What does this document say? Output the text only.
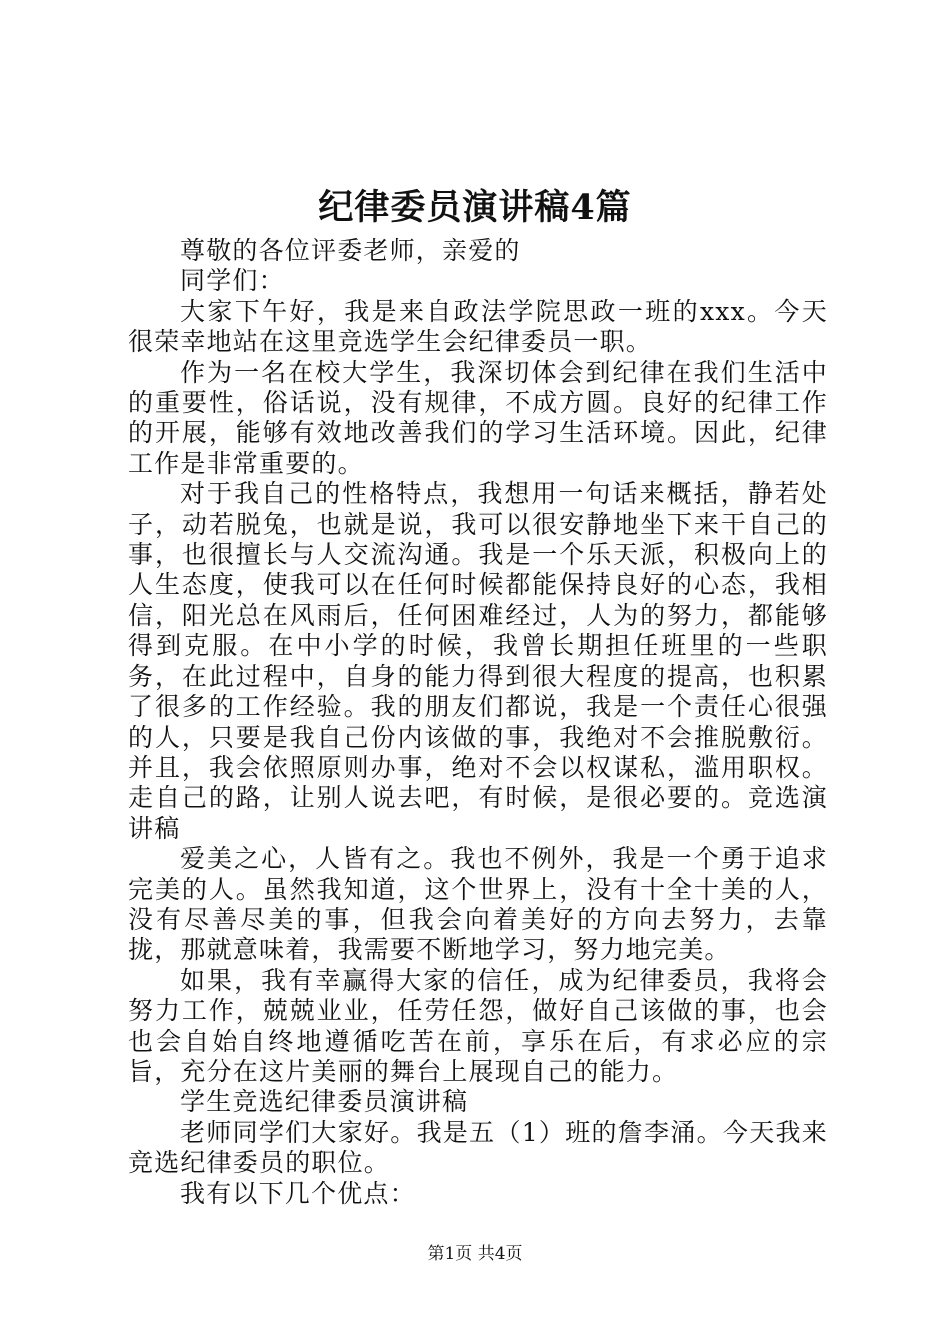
纪律委员演讲稿4篇

尊敬的各位评委老师，亲爱的

同学们：

大家下午好，我是来自政法学院思政一班的xxx。今天很荣幸地站在这里竞选学生会纪律委员一职。

作为一名在校大学生，我深切体会到纪律在我们生活中的重要性，俗话说，没有规律，不成方圆。良好的纪律工作的开展，能够有效地改善我们的学习生活环境。因此，纪律工作是非常重要的。

对于我自己的性格特点，我想用一句话来概括，静若处子，动若脱兔，也就是说，我可以很安静地坐下来干自己的事，也很擅长与人交流沟通。我是一个乐天派，积极向上的人生态度，使我可以在任何时候都能保持良好的心态，我相信，阳光总在风雨后，任何困难经过，人为的努力，都能够得到克服。在中小学的时候，我曾长期担任班里的一些职务，在此过程中，自身的能力得到很大程度的提高，也积累了很多的工作经验。我的朋友们都说，我是一个责任心很强的人，只要是我自己份内该做的事，我绝对不会推脱敷衍。并且，我会依照原则办事，绝对不会以权谋私，滥用职权。走自己的路，让别人说去吧，有时候，是很必要的。竞选演讲稿

爱美之心，人皆有之。我也不例外，我是一个勇于追求完美的人。虽然我知道，这个世界上，没有十全十美的人，没有尽善尽美的事，但我会向着美好的方向去努力，去靠拢，那就意味着，我需要不断地学习，努力地完美。

如果，我有幸赢得大家的信任，成为纪律委员，我将会努力工作，兢兢业业，任劳任怨，做好自己该做的事，也会也会自始自终地遵循吃苦在前，享乐在后，有求必应的宗旨，充分在这片美丽的舞台上展现自己的能力。

学生竞选纪律委员演讲稿

老师同学们大家好。我是五（1）班的詹李涌。今天我来竞选纪律委员的职位。

我有以下几个优点：

第1页 共4页
